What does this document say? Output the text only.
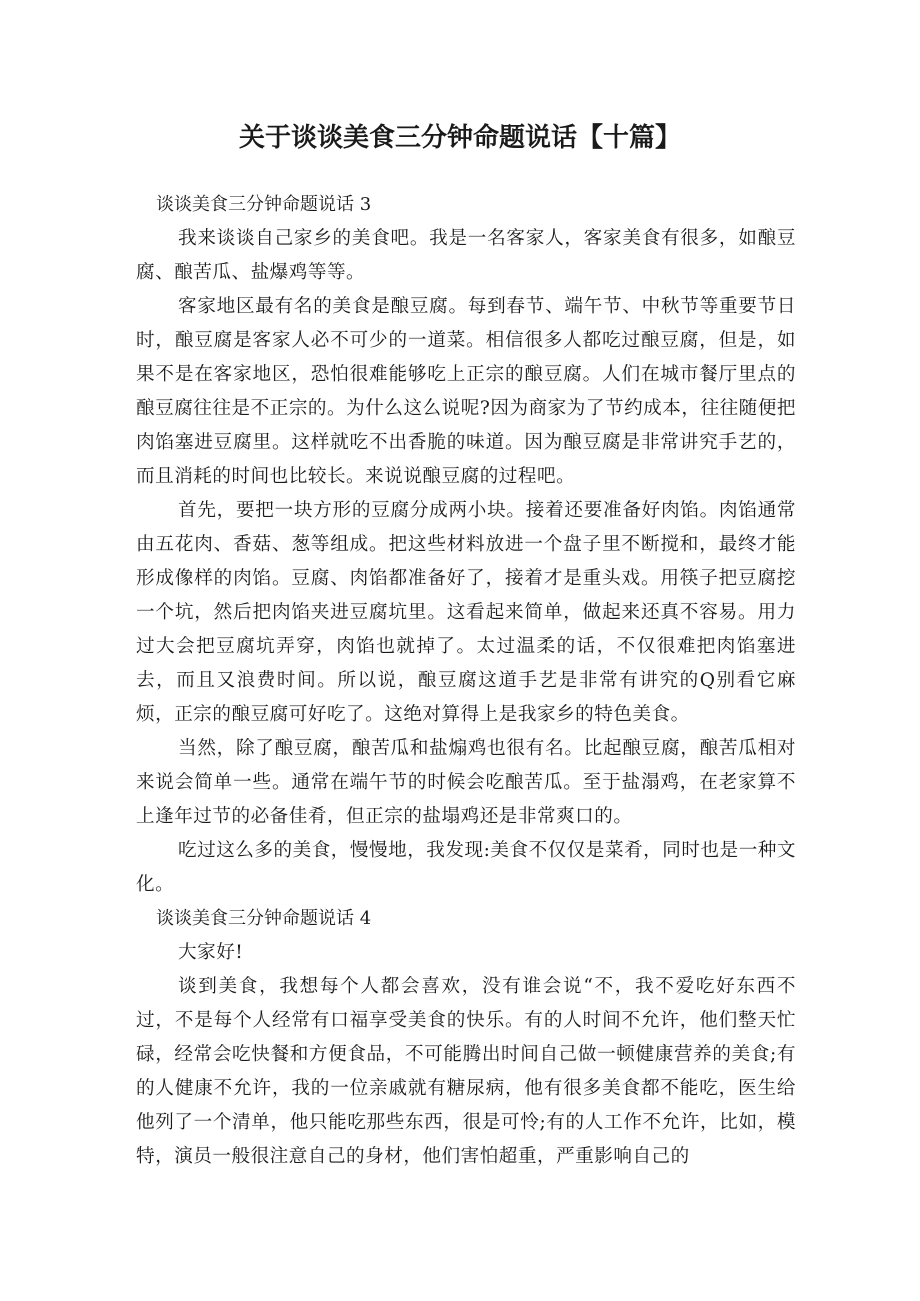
关于谈谈美食三分钟命题说话【十篇】

谈谈美食三分钟命题说话 3

我来谈谈自己家乡的美食吧。我是一名客家人，客家美食有很多，如酿豆腐、酿苦瓜、盐爆鸡等等。

客家地区最有名的美食是酿豆腐。每到春节、端午节、中秋节等重要节日时，酿豆腐是客家人必不可少的一道菜。相信很多人都吃过酿豆腐，但是，如果不是在客家地区，恐怕很难能够吃上正宗的酿豆腐。人们在城市餐厅里点的酿豆腐往往是不正宗的。为什么这么说呢?因为商家为了节约成本，往往随便把肉馅塞进豆腐里。这样就吃不出香脆的味道。因为酿豆腐是非常讲究手艺的，而且消耗的时间也比较长。来说说酿豆腐的过程吧。

首先，要把一块方形的豆腐分成两小块。接着还要准备好肉馅。肉馅通常由五花肉、香菇、葱等组成。把这些材料放进一个盘子里不断搅和，最终才能形成像样的肉馅。豆腐、肉馅都准备好了，接着才是重头戏。用筷子把豆腐挖一个坑，然后把肉馅夹进豆腐坑里。这看起来简单，做起来还真不容易。用力过大会把豆腐坑弄穿，肉馅也就掉了。太过温柔的话，不仅很难把肉馅塞进去，而且又浪费时间。所以说，酿豆腐这道手艺是非常有讲究的Q别看它麻烦，正宗的酿豆腐可好吃了。这绝对算得上是我家乡的特色美食。

当然，除了酿豆腐，酿苦瓜和盐煽鸡也很有名。比起酿豆腐，酿苦瓜相对来说会简单一些。通常在端午节的时候会吃酿苦瓜。至于盐溻鸡，在老家算不上逢年过节的必备佳肴，但正宗的盐塌鸡还是非常爽口的。

吃过这么多的美食，慢慢地，我发现:美食不仅仅是菜肴，同时也是一种文化。

谈谈美食三分钟命题说话 4

大家好!

谈到美食，我想每个人都会喜欢，没有谁会说“不，我不爱吃好东西不过，不是每个人经常有口福享受美食的快乐。有的人时间不允许，他们整天忙碌，经常会吃快餐和方便食品，不可能腾出时间自己做一顿健康营养的美食;有的人健康不允许，我的一位亲戚就有糖尿病，他有很多美食都不能吃，医生给他列了一个清单，他只能吃那些东西，很是可怜;有的人工作不允许，比如，模特，演员一般很注意自己的身材，他们害怕超重，严重影响自己的
